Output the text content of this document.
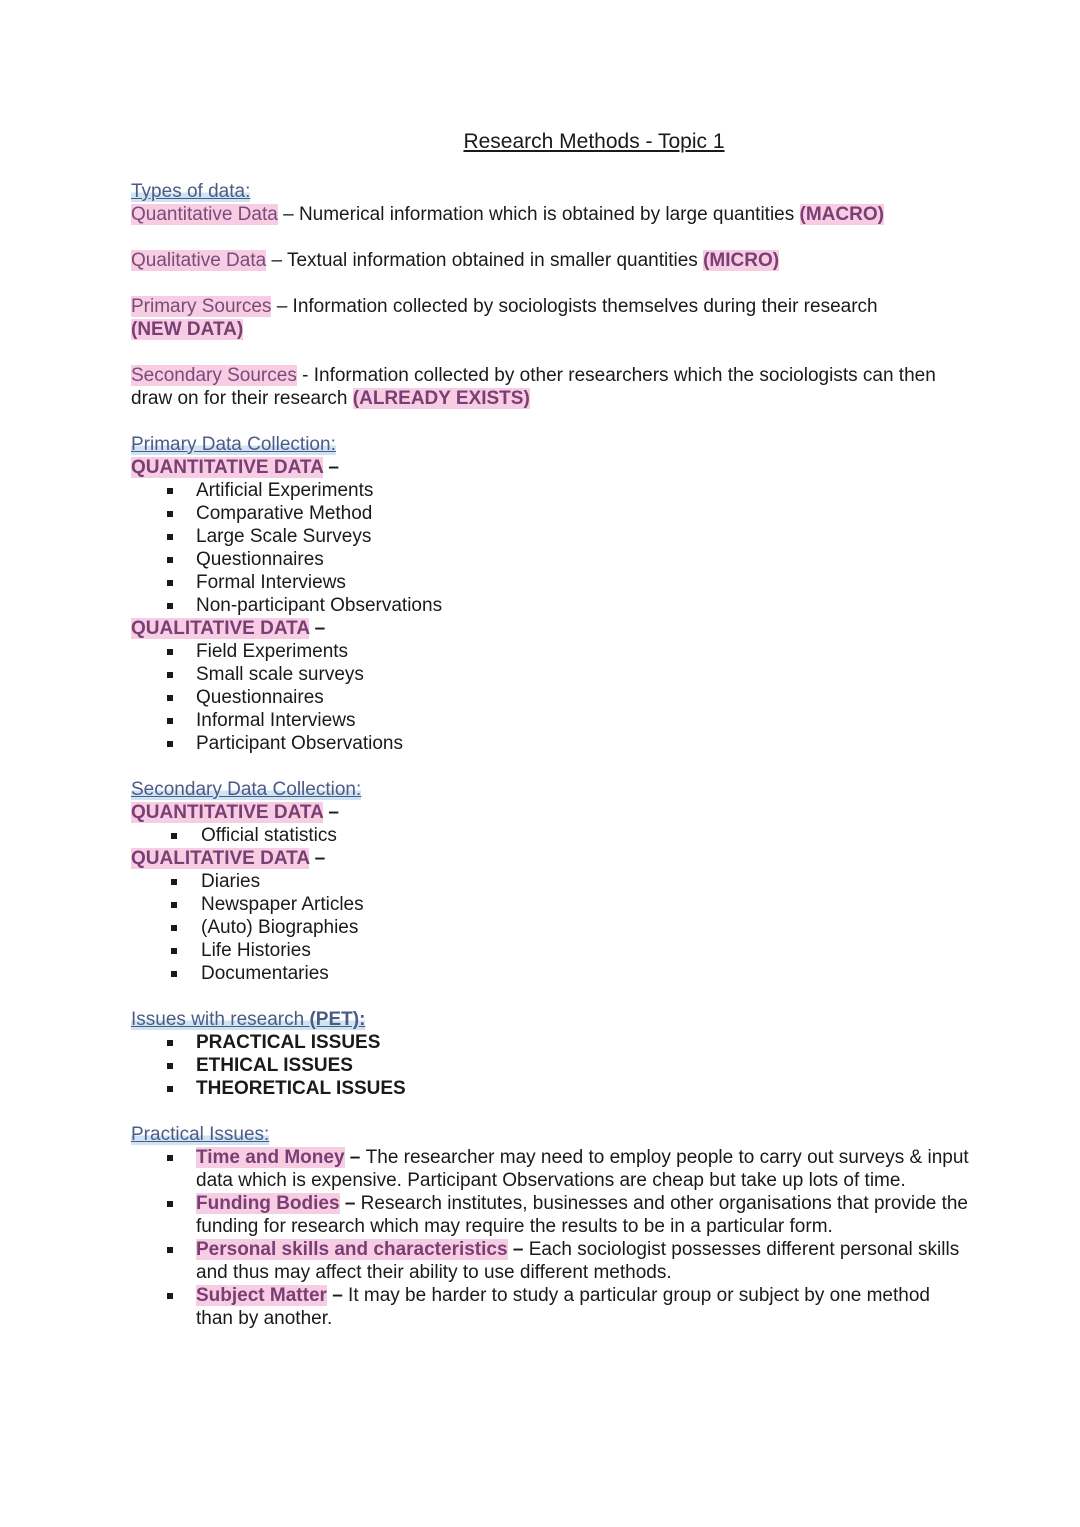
Research Methods - Topic 1
Types of data:
Quantitative Data – Numerical information which is obtained by large quantities (MACRO)
Qualitative Data – Textual information obtained in smaller quantities (MICRO)
Primary Sources – Information collected by sociologists themselves during their research
(NEW DATA)
Secondary Sources - Information collected by other researchers which the sociologists can then draw on for their research (ALREADY EXISTS)
Primary Data Collection:
QUANTITATIVE DATA –
Artificial Experiments
Comparative Method
Large Scale Surveys
Questionnaires
Formal Interviews
Non-participant Observations
QUALITATIVE DATA –
Field Experiments
Small scale surveys
Questionnaires
Informal Interviews
Participant Observations
Secondary Data Collection:
QUANTITATIVE DATA –
Official statistics
QUALITATIVE DATA –
Diaries
Newspaper Articles
(Auto) Biographies
Life Histories
Documentaries
Issues with research (PET):
PRACTICAL ISSUES
ETHICAL ISSUES
THEORETICAL ISSUES
Practical Issues:
Time and Money – The researcher may need to employ people to carry out surveys & input data which is expensive. Participant Observations are cheap but take up lots of time.
Funding Bodies – Research institutes, businesses and other organisations that provide the funding for research which may require the results to be in a particular form.
Personal skills and characteristics – Each sociologist possesses different personal skills and thus may affect their ability to use different methods.
Subject Matter – It may be harder to study a particular group or subject by one method than by another.
